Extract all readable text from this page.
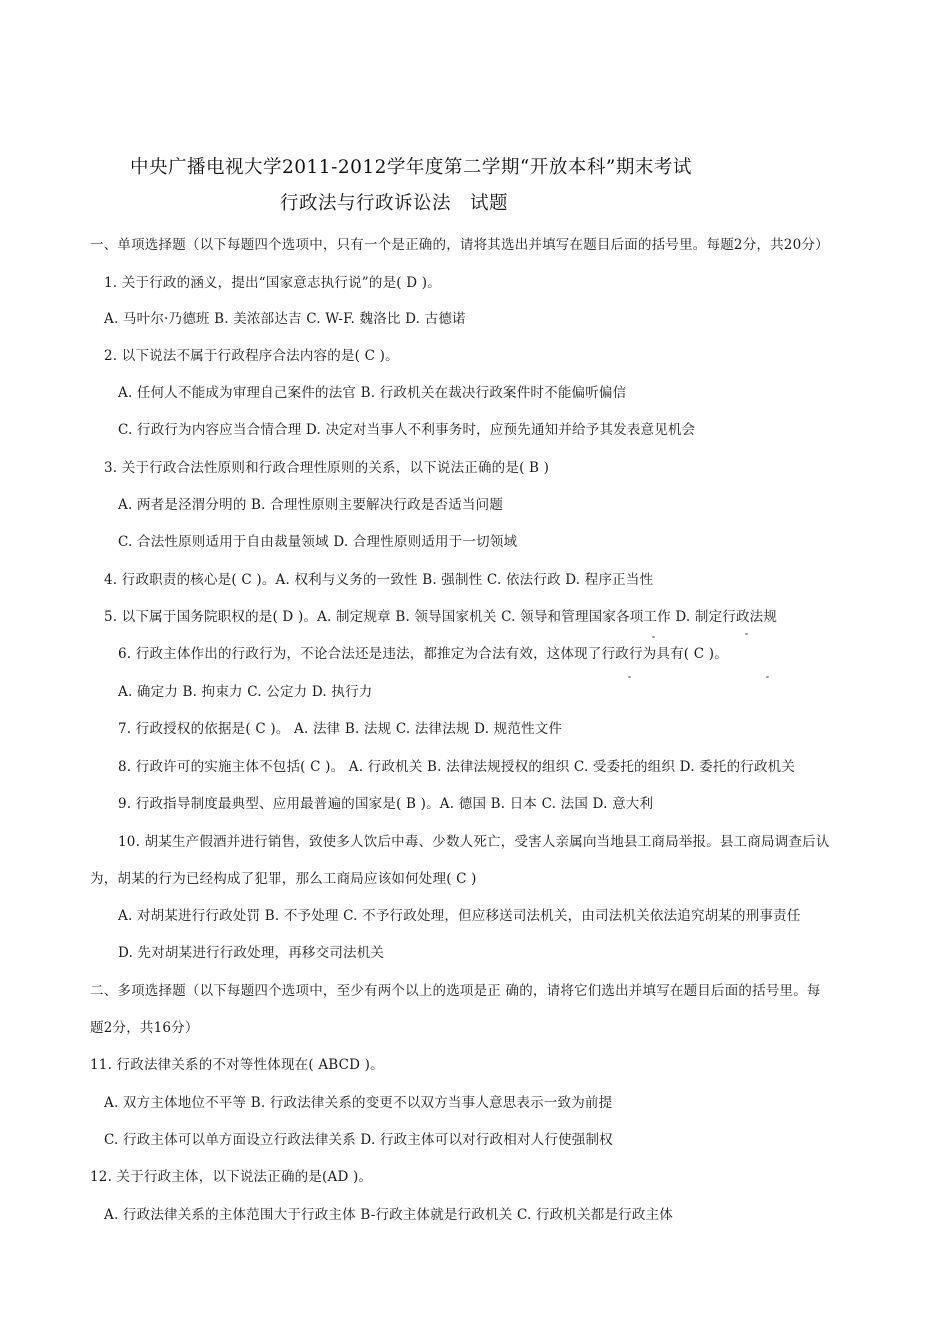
中央广播电视大学2011-2012学年度第二学期“开放本科”期末考试
行政法与行政诉讼法　试题
一、单项选择题（以下每题四个选项中，只有一个是正确的，请将其选出并填写在题目后面的括号里。每题2分，共20分）
1. 关于行政的涵义，提出“国家意志执行说”的是( D )。
A. 马叶尔·乃德班 B. 美浓部达吉 C. W-F. 魏洛比 D. 古德诺
2. 以下说法不属于行政程序合法内容的是( C )。
A. 任何人不能成为审理自己案件的法官 B. 行政机关在裁决行政案件时不能偏听偏信
C. 行政行为内容应当合情合理 D. 决定对当事人不利事务时，应预先通知并给予其发表意见机会
3. 关于行政合法性原则和行政合理性原则的关系，以下说法正确的是( B )
A. 两者是泾渭分明的 B. 合理性原则主要解决行政是否适当问题
C. 合法性原则适用于自由裁量领域 D. 合理性原则适用于一切领域
4. 行政职责的核心是( C )。A. 权利与义务的一致性 B. 强制性 C. 依法行政 D. 程序正当性
5. 以下属于国务院职权的是( D )。A. 制定规章 B. 领导国家机关 C. 领导和管理国家各项工作 D. 制定行政法规
6. 行政主体作出的行政行为，不论合法还是违法，都推定为合法有效，这体现了行政行为具有( C )。
A. 确定力 B. 拘束力 C. 公定力 D. 执行力
7. 行政授权的依据是( C )。 A. 法律 B. 法规 C. 法律法规 D. 规范性文件
8. 行政许可的实施主体不包括( C )。 A. 行政机关 B. 法律法规授权的组织 C. 受委托的组织 D. 委托的行政机关
9. 行政指导制度最典型、应用最普遍的国家是( B )。A. 德国 B. 日本 C. 法国 D. 意大利
10. 胡某生产假酒并进行销售，致使多人饮后中毒、少数人死亡，受害人亲属向当地县工商局举报。县工商局调查后认
为，胡某的行为已经构成了犯罪，那么工商局应该如何处理( C )
A. 对胡某进行行政处罚 B. 不予处理 C. 不予行政处理，但应移送司法机关，由司法机关依法追究胡某的刑事责任
D. 先对胡某进行行政处理，再移交司法机关
二、多项选择题（以下每题四个选项中，至少有两个以上的选项是正 确的，请将它们选出并填写在题目后面的括号里。每
题2分，共16分）
11. 行政法律关系的不对等性体现在( ABCD )。
A. 双方主体地位不平等 B. 行政法律关系的变更不以双方当事人意思表示一致为前提
C. 行政主体可以单方面设立行政法律关系 D. 行政主体可以对行政相对人行使强制权
12. 关于行政主体，以下说法正确的是(AD )。
A. 行政法律关系的主体范围大于行政主体 B-行政主体就是行政机关 C. 行政机关都是行政主体
